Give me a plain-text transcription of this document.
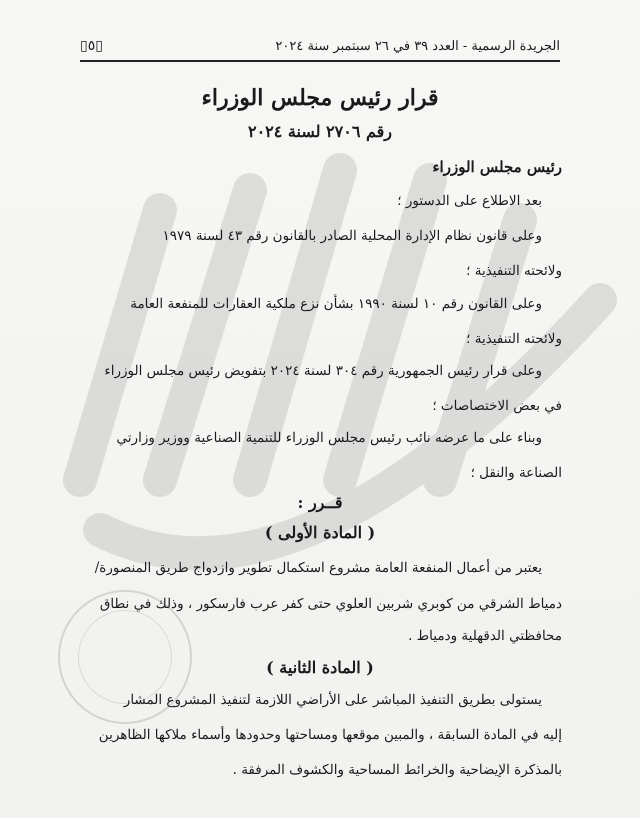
الجريدة الرسمية - العدد ٣٩ في ٢٦ سبتمبر سنة ٢٠٢٤
▯٥▯
قرار رئيس مجلس الوزراء
رقم ٢٧٠٦ لسنة ٢٠٢٤
رئيس مجلس الوزراء
بعد الاطلاع على الدستور ؛
وعلى قانون نظام الإدارة المحلية الصادر بالقانون رقم ٤٣ لسنة ١٩٧٩
ولائحته التنفيذية ؛
وعلى القانون رقم ١٠ لسنة ١٩٩٠ بشأن نزع ملكية العقارات للمنفعة العامة
ولائحته التنفيذية ؛
وعلى قرار رئيس الجمهورية رقم ٣٠٤ لسنة ٢٠٢٤ بتفويض رئيس مجلس الوزراء
في بعض الاختصاصات ؛
وبناء على ما عرضه نائب رئيس مجلس الوزراء للتنمية الصناعية ووزير وزارتي
الصناعة والنقل ؛
قــرر :
( المادة الأولى )
يعتبر من أعمال المنفعة العامة مشروع استكمال تطوير وازدواج طريق المنصورة/
دمياط الشرقي من كوبري شربين العلوي حتى كفر عرب فارسكور ، وذلك في نطاق
محافظتي الدقهلية ودمياط .
( المادة الثانية )
يستولى بطريق التنفيذ المباشر على الأراضي اللازمة لتنفيذ المشروع المشار
إليه في المادة السابقة ، والمبين موقعها ومساحتها وحدودها وأسماء ملاكها الظاهرين
بالمذكرة الإيضاحية والخرائط المساحية والكشوف المرفقة .
